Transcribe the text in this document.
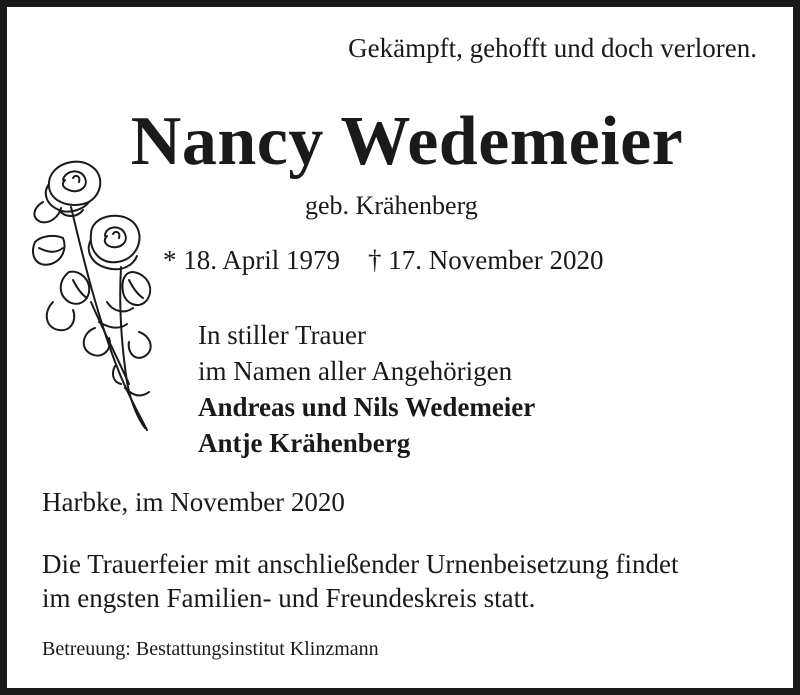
Gekämpft, gehofft und doch verloren.
Nancy Wedemeier
geb. Krähenberg
* 18. April 1979 † 17. November 2020
In stiller Trauer
im Namen aller Angehörigen
Andreas und Nils Wedemeier
Antje Krähenberg
Harbke, im November 2020
Die Trauerfeier mit anschließender Urnenbeisetzung findet
im engsten Familien- und Freundeskreis statt.
Betreuung: Bestattungsinstitut Klinzmann
